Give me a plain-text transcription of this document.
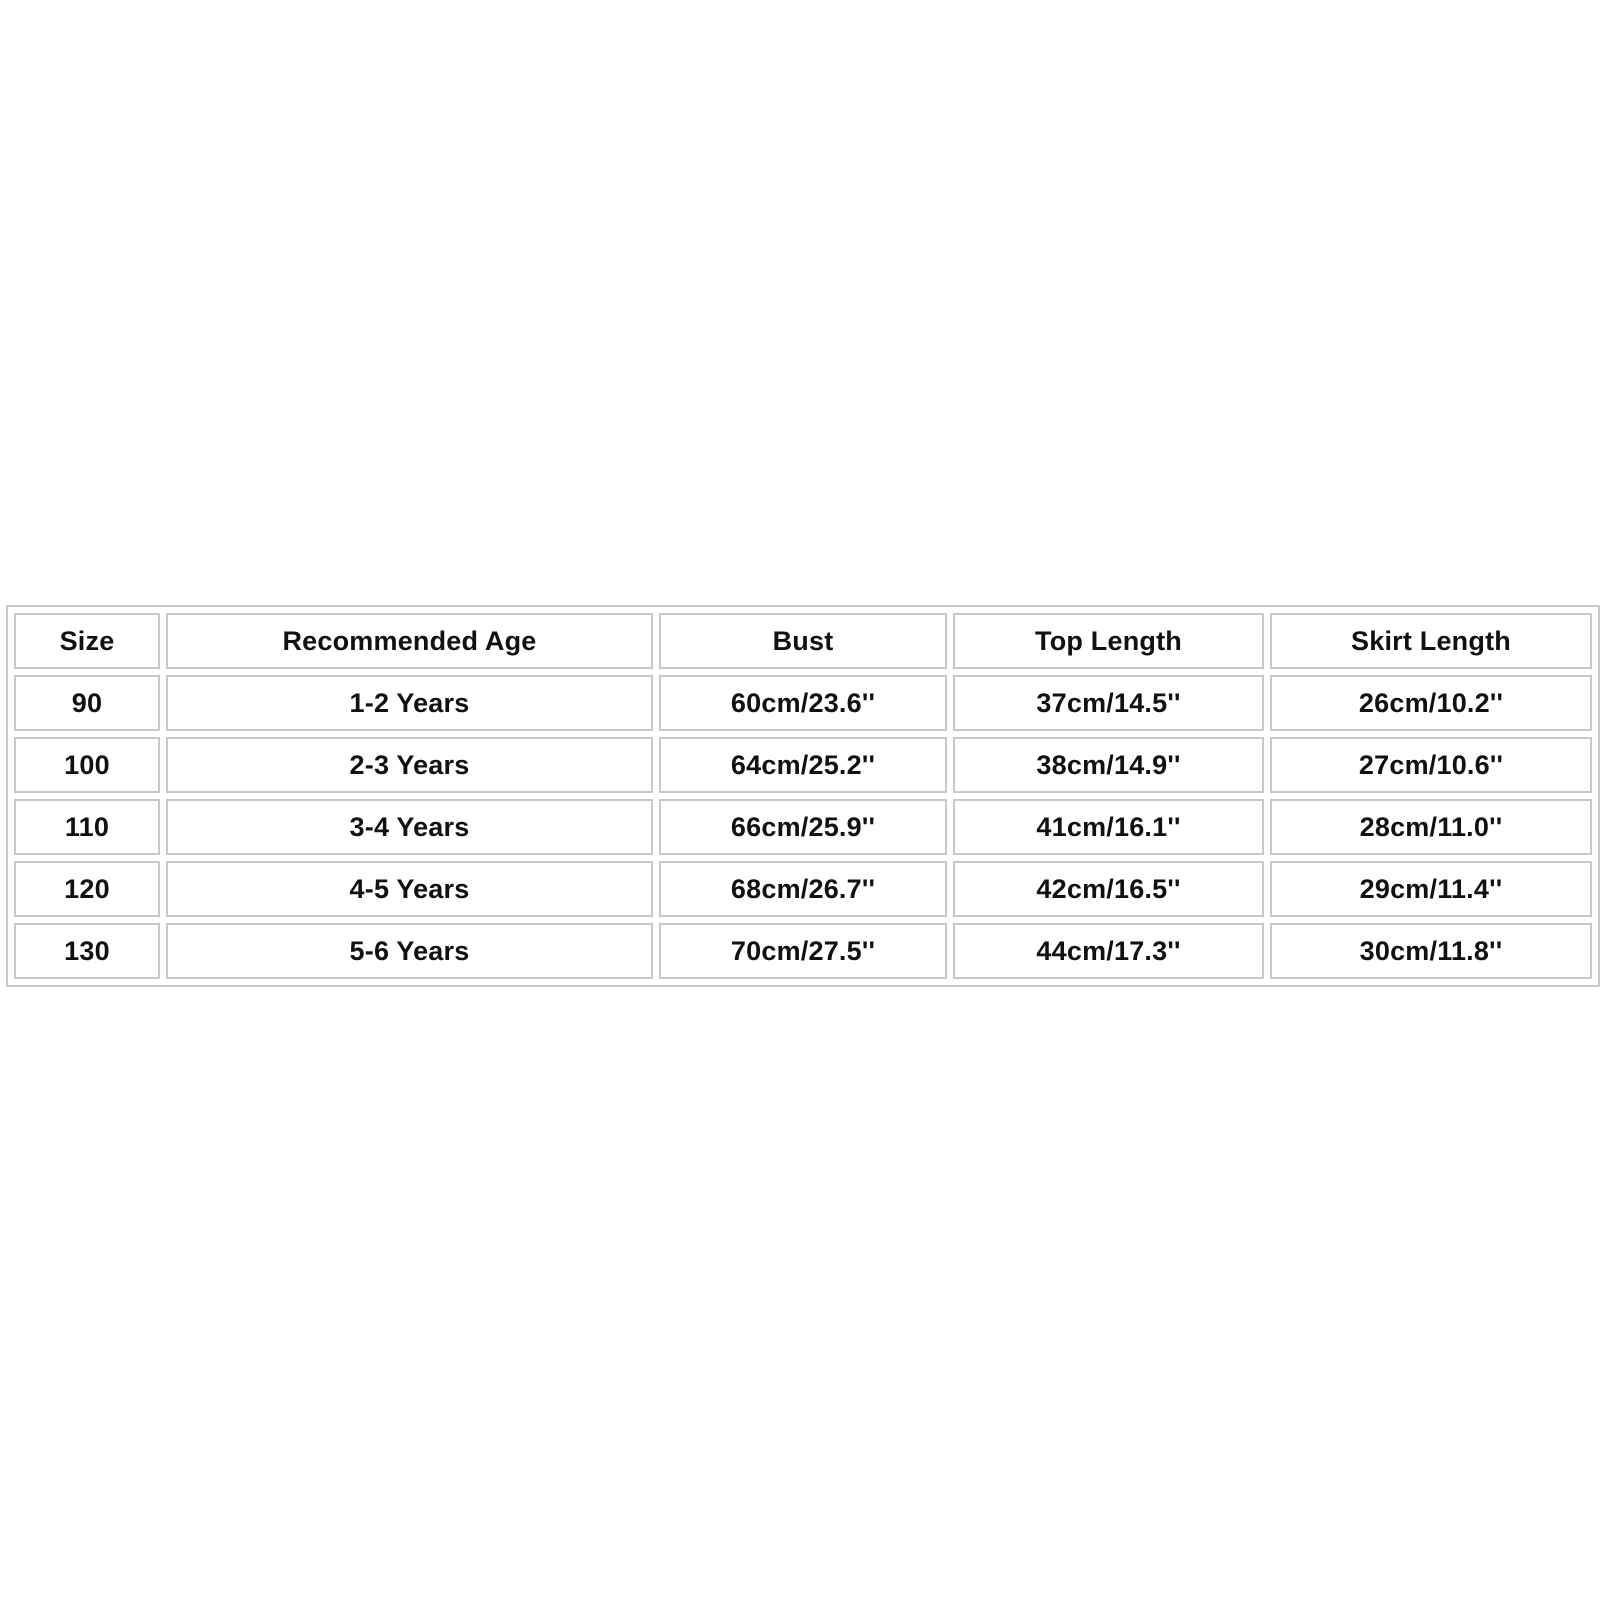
Size	Recommended Age	Bust	Top Length	Skirt Length
90	1-2 Years	60cm/23.6''	37cm/14.5''	26cm/10.2''
100	2-3 Years	64cm/25.2''	38cm/14.9''	27cm/10.6''
110	3-4 Years	66cm/25.9''	41cm/16.1''	28cm/11.0''
120	4-5 Years	68cm/26.7''	42cm/16.5''	29cm/11.4''
130	5-6 Years	70cm/27.5''	44cm/17.3''	30cm/11.8''
